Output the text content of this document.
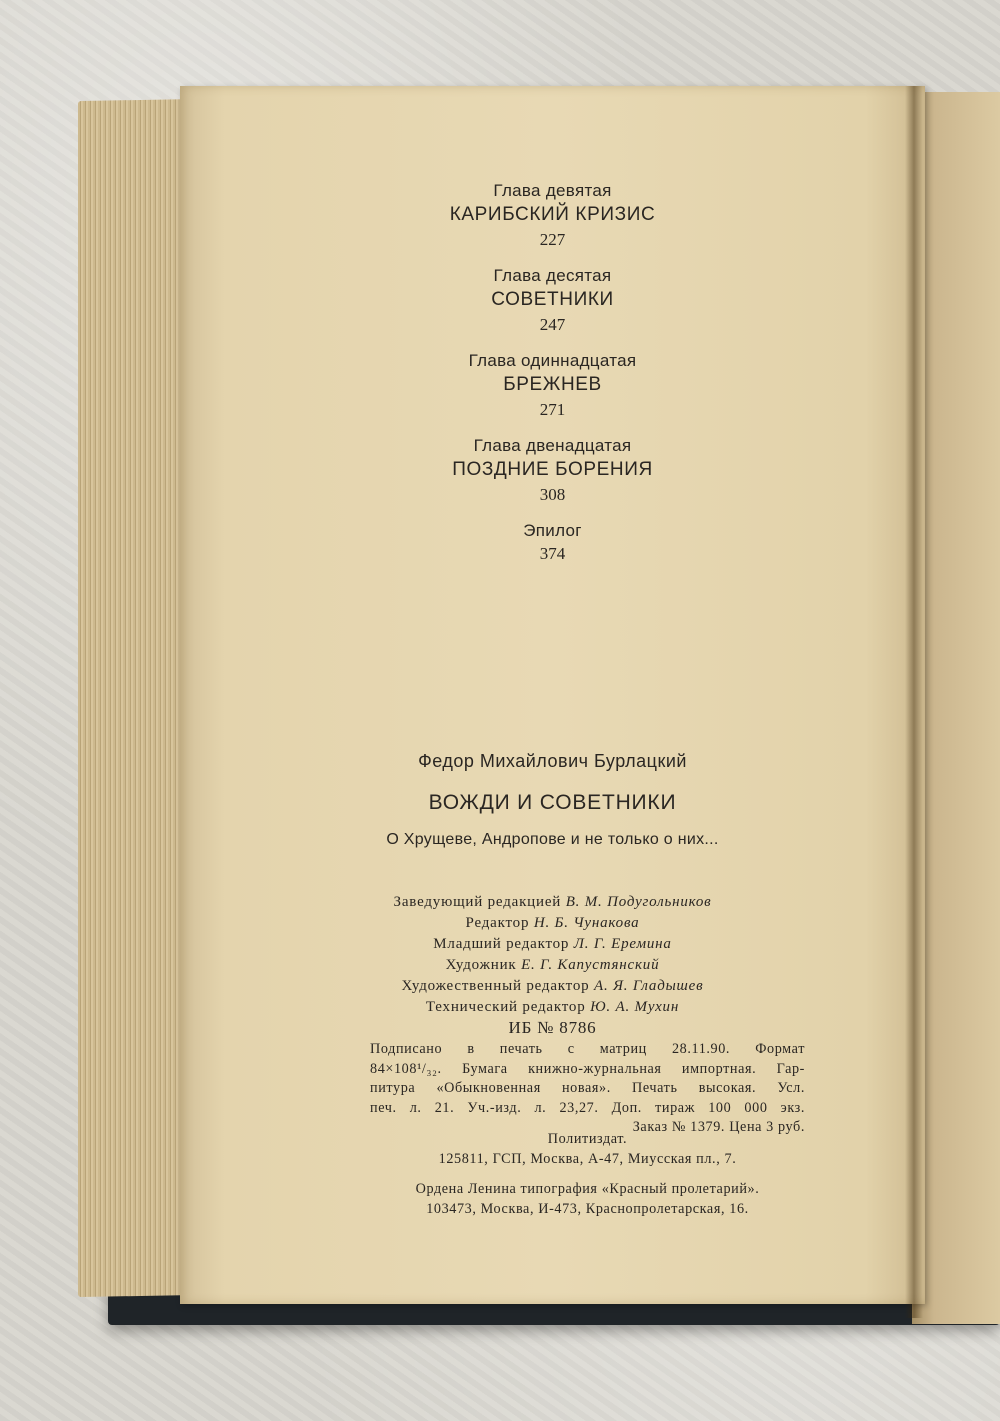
Глава девятая
КАРИБСКИЙ КРИЗИС
227
Глава десятая
СОВЕТНИКИ
247
Глава одиннадцатая
БРЕЖНЕВ
271
Глава двенадцатая
ПОЗДНИЕ БОРЕНИЯ
308
Эпилог
374
Федор Михайлович Бурлацкий
ВОЖДИ И СОВЕТНИКИ
О Хрущеве, Андропове и не только о них...
Заведующий редакцией В. М. Подугольников
Редактор Н. Б. Чунакова
Младший редактор Л. Г. Еремина
Художник Е. Г. Капустянский
Художественный редактор А. Я. Гладышев
Технический редактор Ю. А. Мухин
ИБ № 8786
Подписано в печать с матриц 28.11.90. Формат
84×108¹/₃₂. Бумага книжно-журнальная импортная. Гар-
питура «Обыкновенная новая». Печать высокая. Усл.
печ. л. 21. Уч.-изд. л. 23,27. Доп. тираж 100 000 экз.
Заказ № 1379. Цена 3 руб.
Политиздат.
125811, ГСП, Москва, А-47, Миусская пл., 7.
Ордена Ленина типография «Красный пролетарий».
103473, Москва, И-473, Краснопролетарская, 16.
